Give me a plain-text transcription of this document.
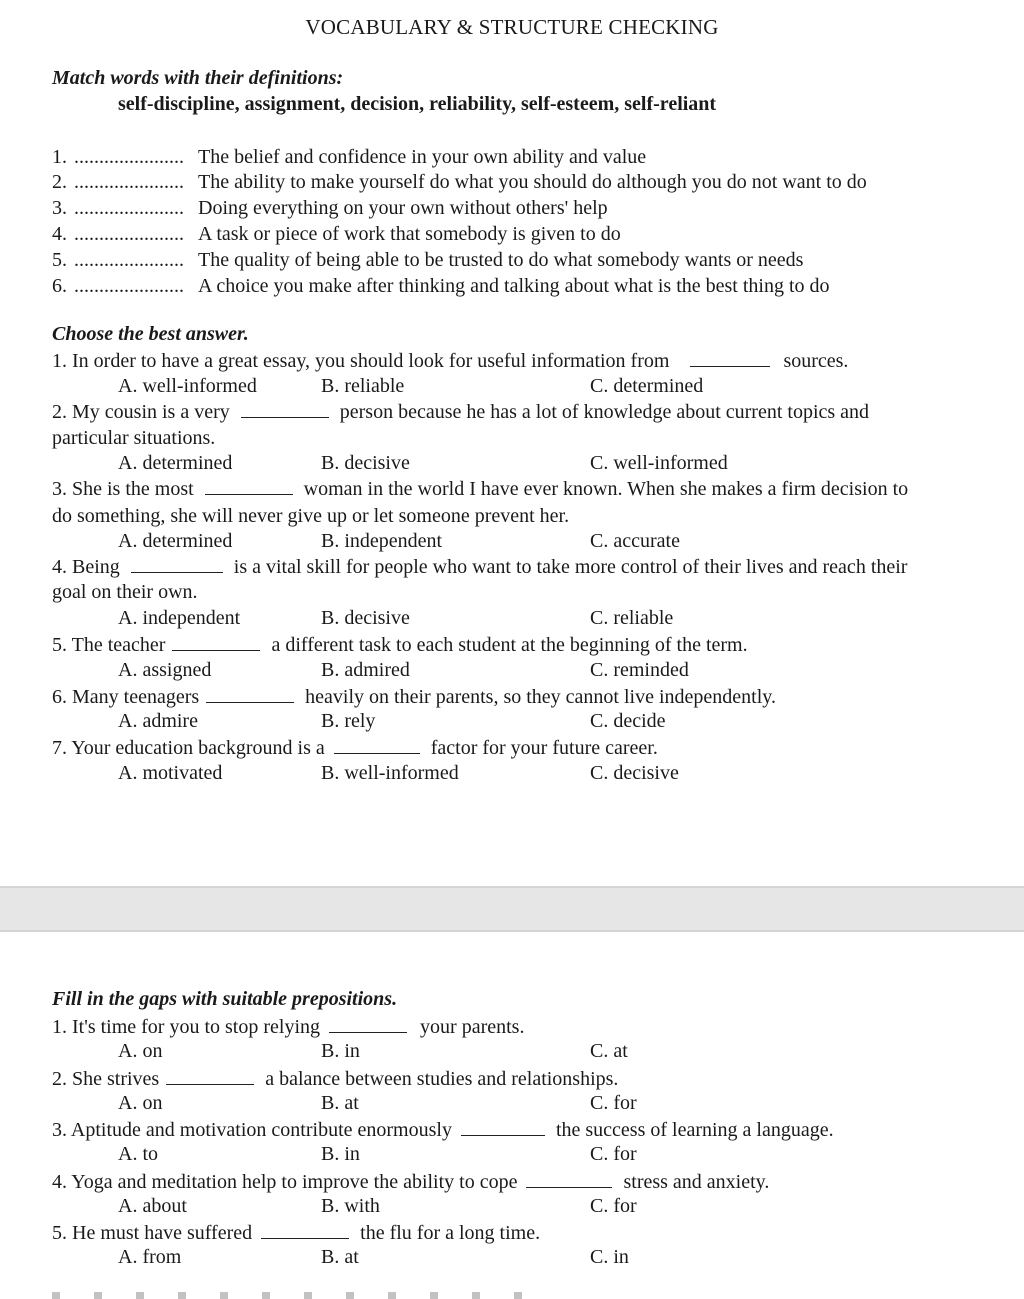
VOCABULARY & STRUCTURE CHECKING
Match words with their definitions:
self-discipline, assignment, decision, reliability, self-esteem, self-reliant
1. ...................... The belief and confidence in your own ability and value
2. ...................... The ability to make yourself do what you should do although you do not want to do
3. ...................... Doing everything on your own without others' help
4. ...................... A task or piece of work that somebody is given to do
5. ...................... The quality of being able to be trusted to do what somebody wants or needs
6. ...................... A choice you make after thinking and talking about what is the best thing to do
Choose the best answer.
1. In order to have a great essay, you should look for useful information from	sources.
A. well-informed	B. reliable	C. determined
2. My cousin is a very	person because he has a lot of knowledge about current topics and
particular situations.
A. determined	B. decisive	C. well-informed
3. She is the most	woman in the world I have ever known. When she makes a firm decision to
do something, she will never give up or let someone prevent her.
A. determined	B. independent	C. accurate
4. Being	is a vital skill for people who want to take more control of their lives and reach their
goal on their own.
A. independent	B. decisive	C. reliable
5. The teacher	a different task to each student at the beginning of the term.
A. assigned	B. admired	C. reminded
6. Many teenagers	heavily on their parents, so they cannot live independently.
A. admire	B. rely	C. decide
7. Your education background is a	factor for your future career.
A. motivated	B. well-informed	C. decisive
Fill in the gaps with suitable prepositions.
1. It's time for you to stop relying	your parents.
A. on	B. in	C. at
2. She strives	a balance between studies and relationships.
A. on	B. at	C. for
3. Aptitude and motivation contribute enormously	the success of learning a language.
A. to	B. in	C. for
4. Yoga and meditation help to improve the ability to cope	stress and anxiety.
A. about	B. with	C. for
5. He must have suffered	the flu for a long time.
A. from	B. at	C. in
